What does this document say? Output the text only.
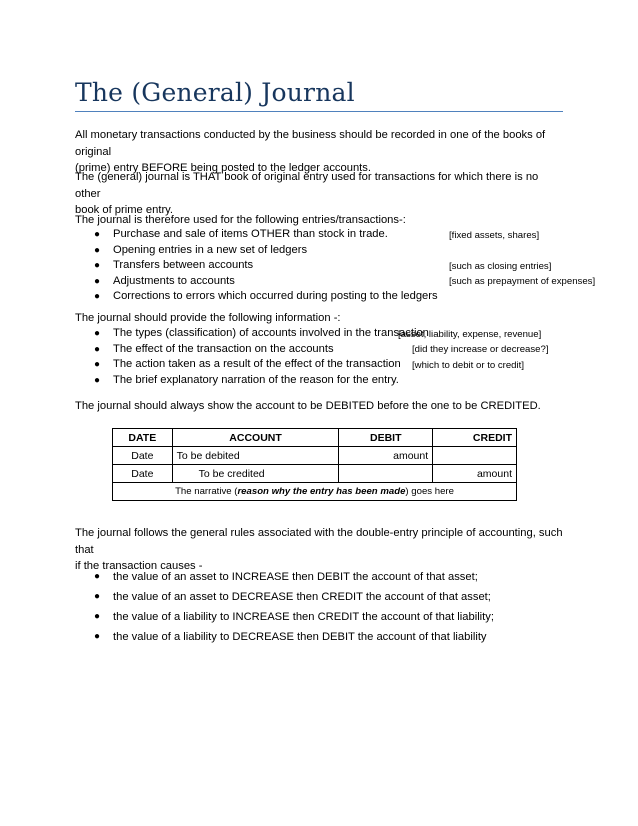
The (General) Journal

All monetary transactions conducted by the business should be recorded in one of the books of original
(prime) entry BEFORE being posted to the ledger accounts.

The (general) journal is THAT book of original entry used for transactions for which there is no other
book of prime entry.

The journal is therefore used for the following entries/transactions-:

● Purchase and sale of items OTHER than stock in trade.	[fixed assets, shares]
● Opening entries in a new set of ledgers
● Transfers between accounts	[such as closing entries]
● Adjustments to accounts	[such as prepayment of expenses]
● Corrections to errors which occurred during posting to the ledgers

The journal should provide the following information -:

● The types (classification) of accounts involved in the transaction
[asset, liability, expense, revenue]
● The effect of the transaction on the accounts	[did they increase or decrease?]
● The action taken as a result of the effect of the transaction [which to debit or to credit]
● The brief explanatory narration of the reason for the entry.

The journal should always show the account to be DEBITED before the one to be CREDITED.

DATE	ACCOUNT	DEBIT	CREDIT
Date	To be debited	amount	
Date	To be credited		amount
The narrative (reason why the entry has been made) goes here			

The journal follows the general rules associated with the double-entry principle of accounting, such that
if the transaction causes -

● the value of an asset to INCREASE then DEBIT the account of that asset;
● the value of an asset to DECREASE then CREDIT the account of that asset;
● the value of a liability to INCREASE then CREDIT the account of that liability;
● the value of a liability to DECREASE then DEBIT the account of that liability
